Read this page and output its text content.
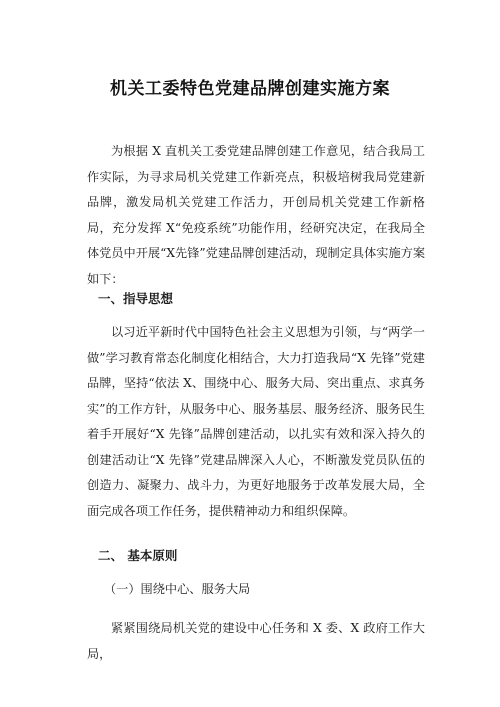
机关工委特色党建品牌创建实施方案

为根据 X 直机关工委党建品牌创建工作意见，结合我局工作实际，为寻求局机关党建工作新亮点，积极培树我局党建新品牌，激发局机关党建工作活力，开创局机关党建工作新格局，充分发挥 X“免疫系统”功能作用，经研究决定，在我局全体党员中开展“X先锋”党建品牌创建活动，现制定具体实施方案如下：

一、指导思想

以习近平新时代中国特色社会主义思想为引领，与“两学一做”学习教育常态化制度化相结合，大力打造我局“X 先锋”党建品牌，坚持“依法 X、围绕中心、服务大局、突出重点、求真务实”的工作方针，从服务中心、服务基层、服务经济、服务民生着手开展好“X 先锋”品牌创建活动，以扎实有效和深入持久的创建活动让“X 先锋”党建品牌深入人心，不断激发党员队伍的创造力、凝聚力、战斗力，为更好地服务于改革发展大局，全面完成各项工作任务，提供精神动力和组织保障。

二、 基本原则
（一）围绕中心、服务大局

紧紧围绕局机关党的建设中心任务和 X 委、X 政府工作大局，
